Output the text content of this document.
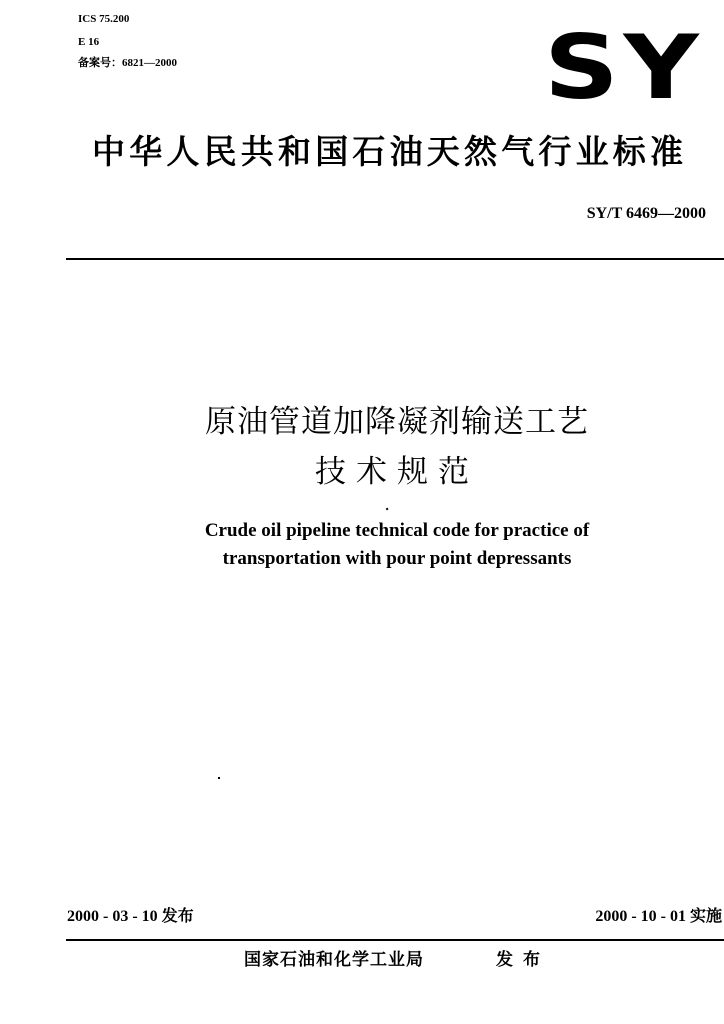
ICS 75.200
E 16
备案号：6821—2000	SY
中华人民共和国石油天然气行业标准
SY/T 6469—2000
原油管道加降凝剂输送工艺
技术规范
Crude oil pipeline technical code for practice of
transportation with pour point depressants
2000 - 03 - 10 发布	2000 - 10 - 01 实施
国家石油和化学工业局	发布
